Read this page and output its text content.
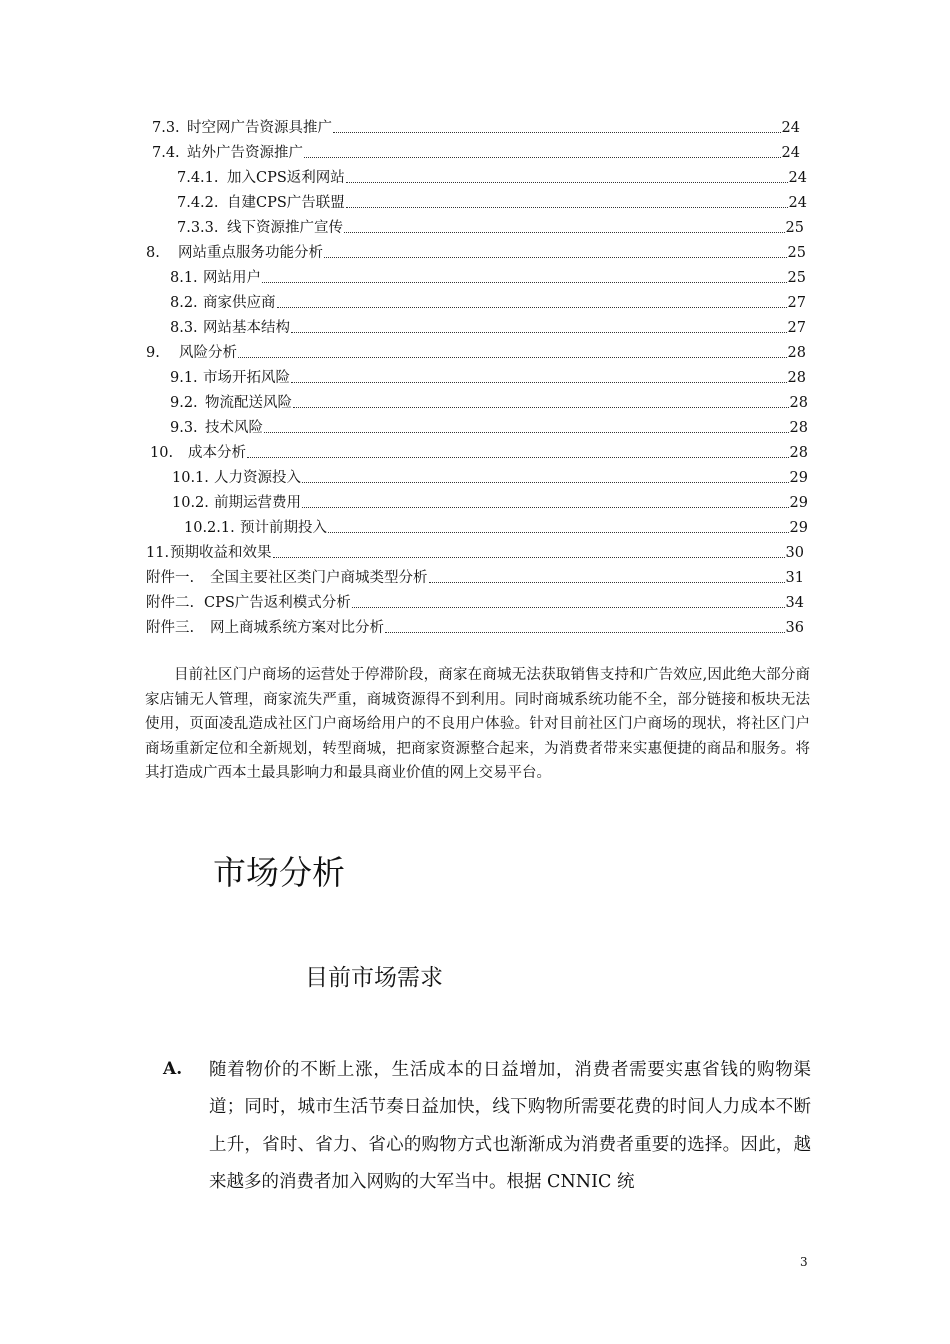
7.3. 时空网广告资源具推广	24
7.4. 站外广告资源推广	24
7.4.1. 加入CPS返利网站	24
7.4.2. 自建CPS广告联盟	24
7.3.3. 线下资源推广宣传	25
8.	网站重点服务功能分析	25
8.1. 网站用户	25
8.2. 商家供应商	27
8.3. 网站基本结构	27
9.	风险分析	28
9.1. 市场开拓风险	28
9.2. 物流配送风险	28
9.3. 技术风险	28
10.	成本分析	28
10.1. 人力资源投入	29
10.2. 前期运营费用	29
10.2.1. 预计前期投入	29
11. 预期收益和效果	30
附件一.	全国主要社区类门户商城类型分析	31
附件二. CPS广告返利模式分析	34
附件三.	网上商城系统方案对比分析	36

目前社区门户商场的运营处于停滞阶段，商家在商城无法获取销售支持和广告效应,因此绝大部分商家店铺无人管理，商家流失严重，商城资源得不到利用。同时商城系统功能不全，部分链接和板块无法使用，页面凌乱造成社区门户商场给用户的不良用户体验。针对目前社区门户商场的现状，将社区门户商场重新定位和全新规划，转型商城，把商家资源整合起来，为消费者带来实惠便捷的商品和服务。将其打造成广西本土最具影响力和最具商业价值的网上交易平台。

市场分析
目前市场需求
A. 随着物价的不断上涨，生活成本的日益增加，消费者需要实惠省钱的购物渠道；同时，城市生活节奏日益加快，线下购物所需要花费的时间人力成本不断上升，省时、省力、省心的购物方式也渐渐成为消费者重要的选择。因此，越来越多的消费者加入网购的大军当中。根据 CNNIC 统

3
